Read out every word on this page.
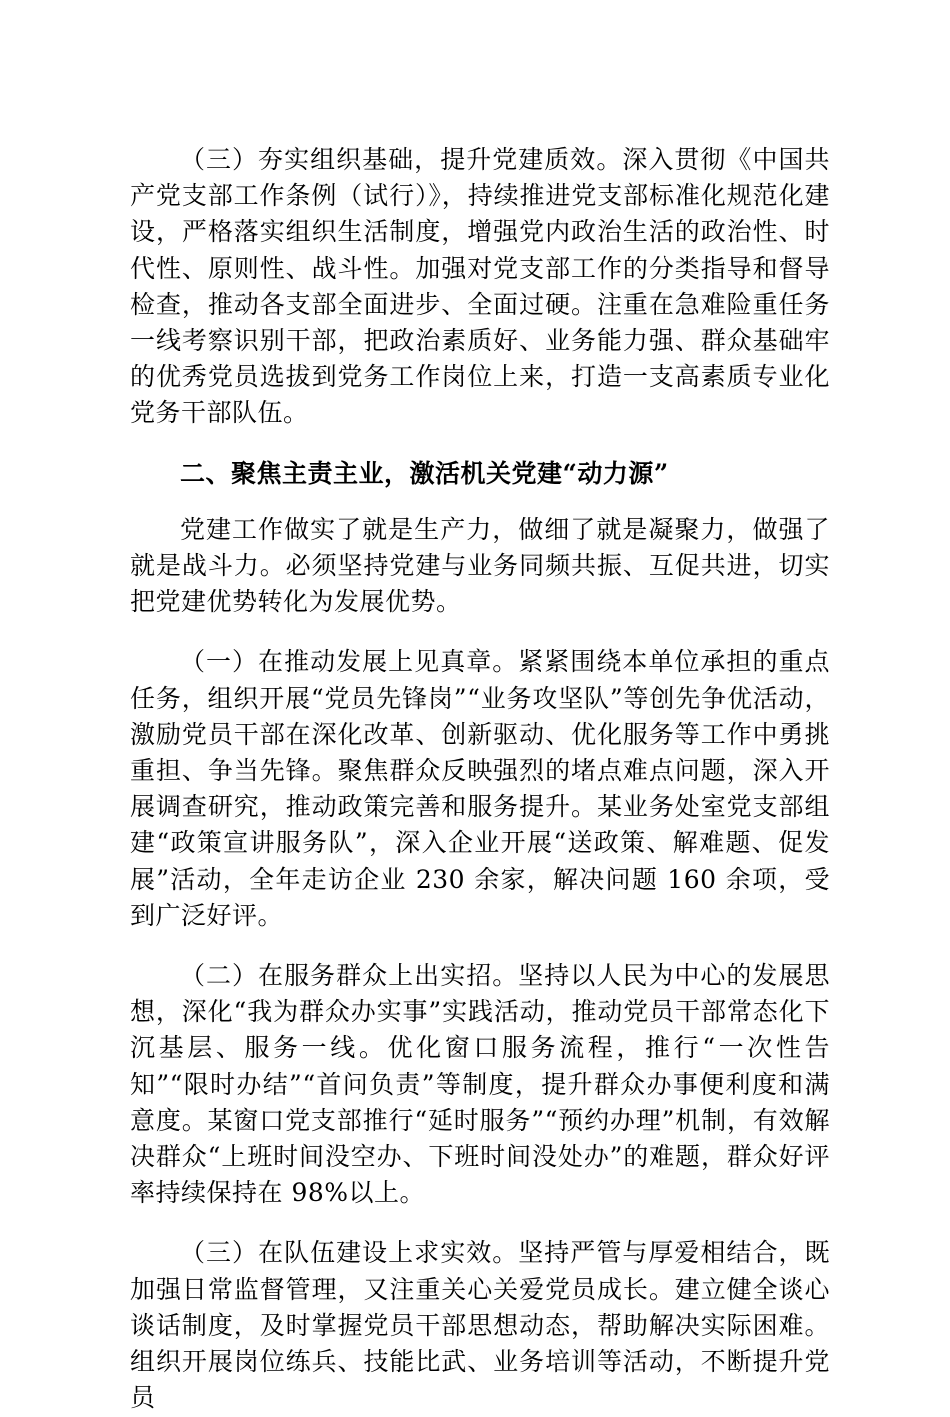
（三）夯实组织基础，提升党建质效。深入贯彻《中国共产党支部工作条例（试行）》，持续推进党支部标准化规范化建设，严格落实组织生活制度，增强党内政治生活的政治性、时代性、原则性、战斗性。加强对党支部工作的分类指导和督导检查，推动各支部全面进步、全面过硬。注重在急难险重任务一线考察识别干部，把政治素质好、业务能力强、群众基础牢的优秀党员选拔到党务工作岗位上来，打造一支高素质专业化党务干部队伍。

二、聚焦主责主业，激活机关党建“动力源”

党建工作做实了就是生产力，做细了就是凝聚力，做强了就是战斗力。必须坚持党建与业务同频共振、互促共进，切实把党建优势转化为发展优势。

（一）在推动发展上见真章。紧紧围绕本单位承担的重点任务，组织开展“党员先锋岗”“业务攻坚队”等创先争优活动，激励党员干部在深化改革、创新驱动、优化服务等工作中勇挑重担、争当先锋。聚焦群众反映强烈的堵点难点问题，深入开展调查研究，推动政策完善和服务提升。某业务处室党支部组建“政策宣讲服务队”，深入企业开展“送政策、解难题、促发展”活动，全年走访企业 230 余家，解决问题 160 余项，受到广泛好评。

（二）在服务群众上出实招。坚持以人民为中心的发展思想，深化“我为群众办实事”实践活动，推动党员干部常态化下沉基层、服务一线。优化窗口服务流程，推行“一次性告知”“限时办结”“首问负责”等制度，提升群众办事便利度和满意度。某窗口党支部推行“延时服务”“预约办理”机制，有效解决群众“上班时间没空办、下班时间没处办”的难题，群众好评率持续保持在 98%以上。

（三）在队伍建设上求实效。坚持严管与厚爱相结合，既加强日常监督管理，又注重关心关爱党员成长。建立健全谈心谈话制度，及时掌握党员干部思想动态，帮助解决实际困难。组织开展岗位练兵、技能比武、业务培训等活动，不断提升党员
